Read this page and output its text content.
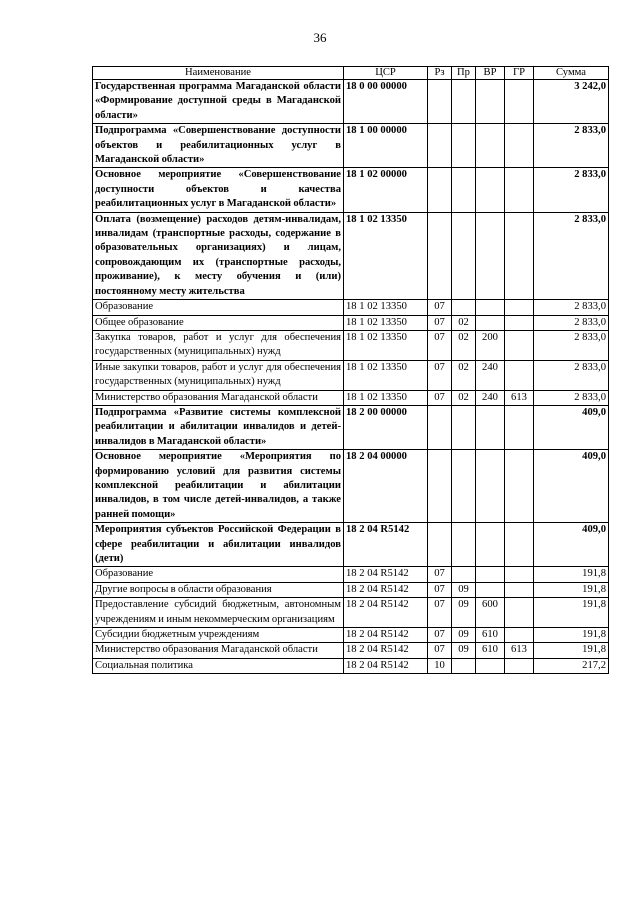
36
Наименование	ЦСР	Рз	Пр	ВР	ГР	Сумма
Государственная программа Магаданской области «Формирование доступной среды в Магаданской области»	18 0 00 00000					3 242,0
Подпрограмма «Совершенствование доступности объектов и реабилитационных услуг в Магаданской области»	18 1 00 00000					2 833,0
Основное мероприятие «Совершенствование доступности объектов и качества реабилитационных услуг в Магаданской области»	18 1 02 00000					2 833,0
Оплата (возмещение) расходов детям-инвалидам, инвалидам (транспортные расходы, содержание в образовательных организациях) и лицам, сопровождающим их (транспортные расходы, проживание), к месту обучения и (или) постоянному месту жительства	18 1 02 13350					2 833,0
Образование	18 1 02 13350	07				2 833,0
Общее образование	18 1 02 13350	07	02			2 833,0
Закупка товаров, работ и услуг для обеспечения государственных (муниципальных) нужд	18 1 02 13350	07	02	200		2 833,0
Иные закупки товаров, работ и услуг для обеспечения государственных (муниципальных) нужд	18 1 02 13350	07	02	240		2 833,0
Министерство образования Магаданской области	18 1 02 13350	07	02	240	613	2 833,0
Подпрограмма «Развитие системы комплексной реабилитации и абилитации инвалидов и детей-инвалидов в Магаданской области»	18 2 00 00000					409,0
Основное мероприятие «Мероприятия по формированию условий для развития системы комплексной реабилитации и абилитации инвалидов, в том числе детей-инвалидов, а также ранней помощи»	18 2 04 00000					409,0
Мероприятия субъектов Российской Федерации в сфере реабилитации и абилитации инвалидов (дети)	18 2 04 R5142					409,0
Образование	18 2 04 R5142	07				191,8
Другие вопросы в области образования	18 2 04 R5142	07	09			191,8
Предоставление субсидий бюджетным, автономным учреждениям и иным некоммерческим организациям	18 2 04 R5142	07	09	600		191,8
Субсидии бюджетным учреждениям	18 2 04 R5142	07	09	610		191,8
Министерство образования Магаданской области	18 2 04 R5142	07	09	610	613	191,8
Социальная политика	18 2 04 R5142	10				217,2
